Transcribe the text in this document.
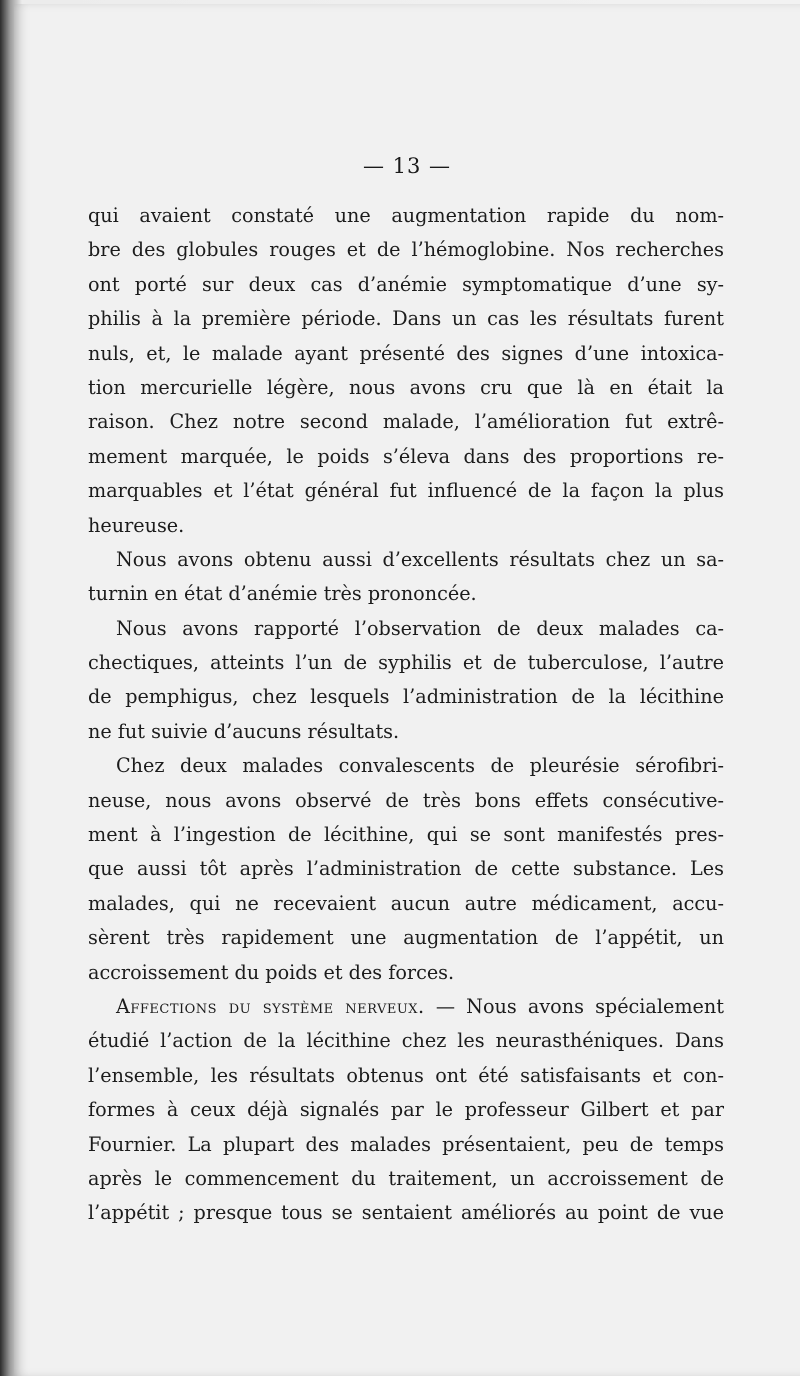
— 13 —
qui avaient constaté une augmentation rapide du nom-
bre des globules rouges et de l’hémoglobine. Nos recherches
ont porté sur deux cas d’anémie symptomatique d’une sy-
philis à la première période. Dans un cas les résultats furent
nuls, et, le malade ayant présenté des signes d’une intoxica-
tion mercurielle légère, nous avons cru que là en était la
raison. Chez notre second malade, l’amélioration fut extrê-
mement marquée, le poids s’éleva dans des proportions re-
marquables et l’état général fut influencé de la façon la plus
heureuse.
Nous avons obtenu aussi d’excellents résultats chez un sa-
turnin en état d’anémie très prononcée.
Nous avons rapporté l’observation de deux malades ca-
chectiques, atteints l’un de syphilis et de tuberculose, l’autre
de pemphigus, chez lesquels l’administration de la lécithine
ne fut suivie d’aucuns résultats.
Chez deux malades convalescents de pleurésie sérofibri-
neuse, nous avons observé de très bons effets consécutive-
ment à l’ingestion de lécithine, qui se sont manifestés pres-
que aussi tôt après l’administration de cette substance. Les
malades, qui ne recevaient aucun autre médicament, accu-
sèrent très rapidement une augmentation de l’appétit, un
accroissement du poids et des forces.
Affections du système nerveux. — Nous avons spécialement
étudié l’action de la lécithine chez les neurasthéniques. Dans
l’ensemble, les résultats obtenus ont été satisfaisants et con-
formes à ceux déjà signalés par le professeur Gilbert et par
Fournier. La plupart des malades présentaient, peu de temps
après le commencement du traitement, un accroissement de
l’appétit ; presque tous se sentaient améliorés au point de vue
